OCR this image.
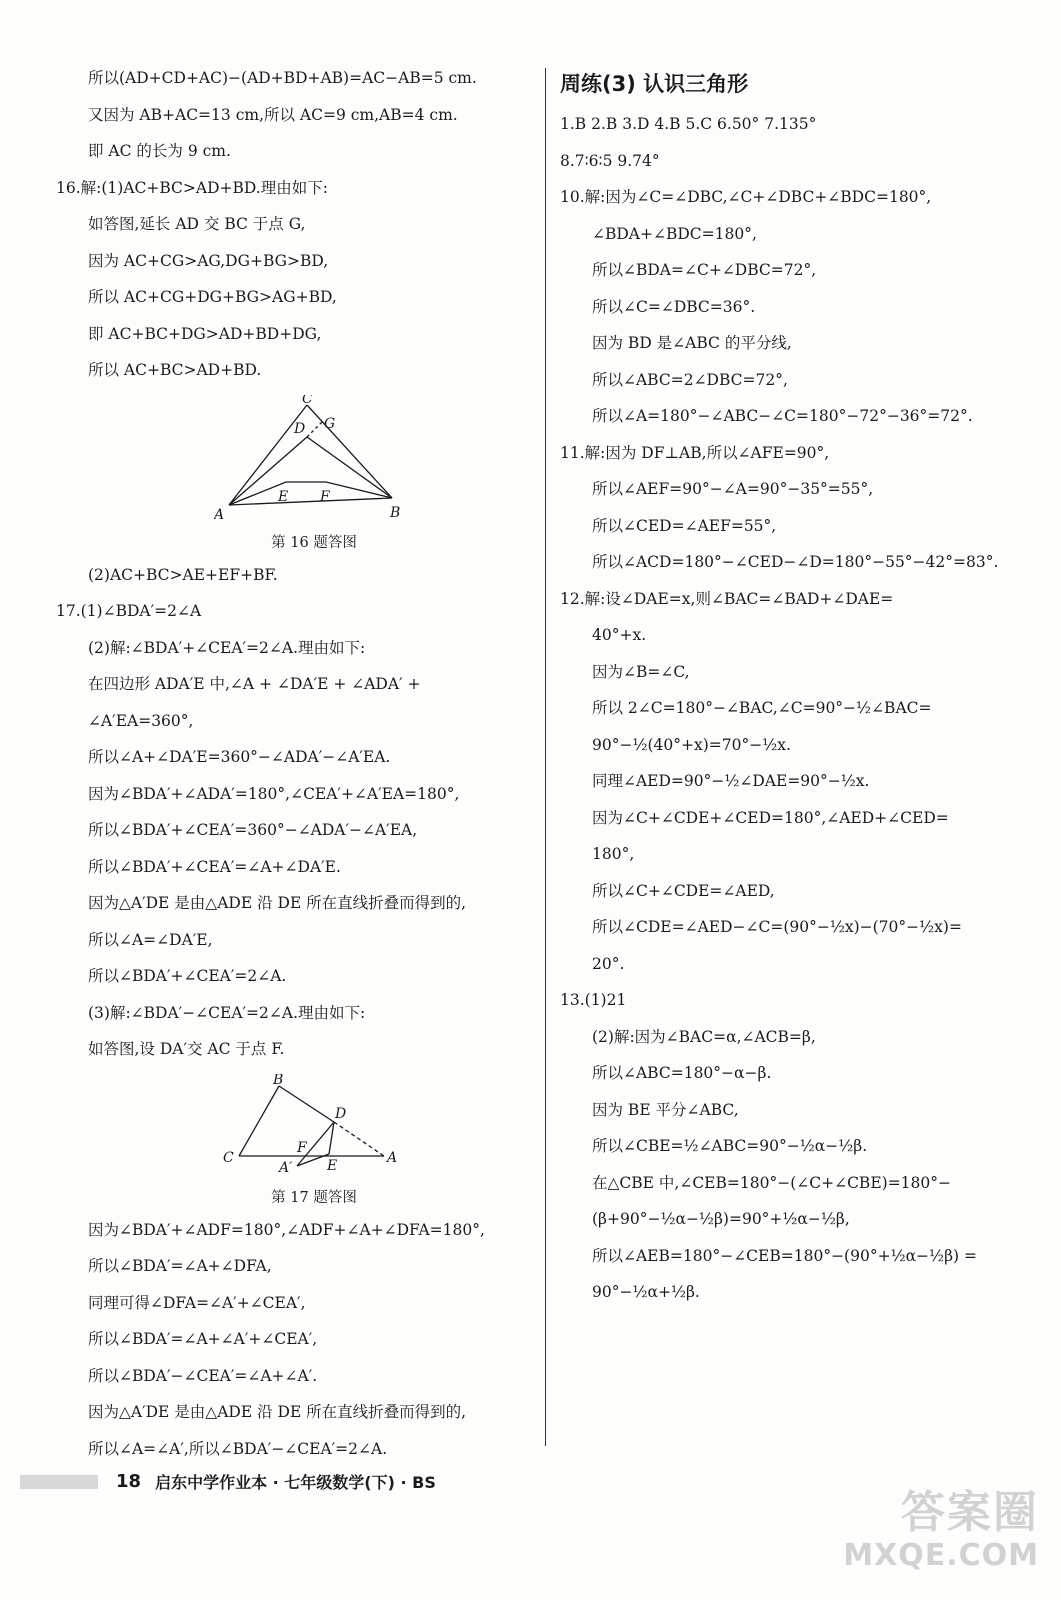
所以(AD+CD+AC)−(AD+BD+AB)=AC−AB=5 cm.
又因为 AB+AC=13 cm,所以 AC=9 cm,AB=4 cm.
即 AC 的长为 9 cm.
16.解:(1)AC+BC>AD+BD.理由如下:
如答图,延长 AD 交 BC 于点 G,
因为 AC+CG>AG,DG+BG>BD,
所以 AC+CG+DG+BG>AG+BD,
即 AC+BC+DG>AD+BD+DG,
所以 AC+BC>AD+BD.
C
D G
A	B
E F
第 16 题答图
(2)AC+BC>AE+EF+BF.
17.(1)∠BDA′=2∠A
(2)解:∠BDA′+∠CEA′=2∠A.理由如下:
在四边形 ADA′E 中,∠A + ∠DA′E + ∠ADA′ +
∠A′EA=360°,
所以∠A+∠DA′E=360°−∠ADA′−∠A′EA.
因为∠BDA′+∠ADA′=180°,∠CEA′+∠A′EA=180°,
所以∠BDA′+∠CEA′=360°−∠ADA′−∠A′EA,
所以∠BDA′+∠CEA′=∠A+∠DA′E.
因为△A′DE 是由△ADE 沿 DE 所在直线折叠而得到的,
所以∠A=∠DA′E,
所以∠BDA′+∠CEA′=2∠A.
(3)解:∠BDA′−∠CEA′=2∠A.理由如下:
如答图,设 DA′交 AC 于点 F.
B
D
C	A
F
A′ E
第 17 题答图
因为∠BDA′+∠ADF=180°,∠ADF+∠A+∠DFA=180°,
所以∠BDA′=∠A+∠DFA,
同理可得∠DFA=∠A′+∠CEA′,
所以∠BDA′=∠A+∠A′+∠CEA′,
所以∠BDA′−∠CEA′=∠A+∠A′.
因为△A′DE 是由△ADE 沿 DE 所在直线折叠而得到的,
所以∠A=∠A′,所以∠BDA′−∠CEA′=2∠A.
周练(3) 认识三角形
1.B 2.B 3.D 4.B 5.C 6.50° 7.135°
8.7∶6∶5 9.74°
10.解:因为∠C=∠DBC,∠C+∠DBC+∠BDC=180°,
∠BDA+∠BDC=180°,
所以∠BDA=∠C+∠DBC=72°,
所以∠C=∠DBC=36°.
因为 BD 是∠ABC 的平分线,
所以∠ABC=2∠DBC=72°,
所以∠A=180°−∠ABC−∠C=180°−72°−36°=72°.
11.解:因为 DF⊥AB,所以∠AFE=90°,
所以∠AEF=90°−∠A=90°−35°=55°,
所以∠CED=∠AEF=55°,
所以∠ACD=180°−∠CED−∠D=180°−55°−42°=83°.
12.解:设∠DAE=x,则∠BAC=∠BAD+∠DAE=
40°+x.
因为∠B=∠C,
所以 2∠C=180°−∠BAC,∠C=90°−½∠BAC=
90°−½(40°+x)=70°−½x.
同理∠AED=90°−½∠DAE=90°−½x.
因为∠C+∠CDE+∠CED=180°,∠AED+∠CED=
180°,
所以∠C+∠CDE=∠AED,
所以∠CDE=∠AED−∠C=(90°−½x)−(70°−½x)=
20°.
13.(1)21
(2)解:因为∠BAC=α,∠ACB=β,
所以∠ABC=180°−α−β.
因为 BE 平分∠ABC,
所以∠CBE=½∠ABC=90°−½α−½β.
在△CBE 中,∠CEB=180°−(∠C+∠CBE)=180°−
(β+90°−½α−½β)=90°+½α−½β,
所以∠AEB=180°−∠CEB=180°−(90°+½α−½β) =
90°−½α+½β.
18 启东中学作业本 · 七年级数学(下) · BS
答案圈
MXQE.COM
